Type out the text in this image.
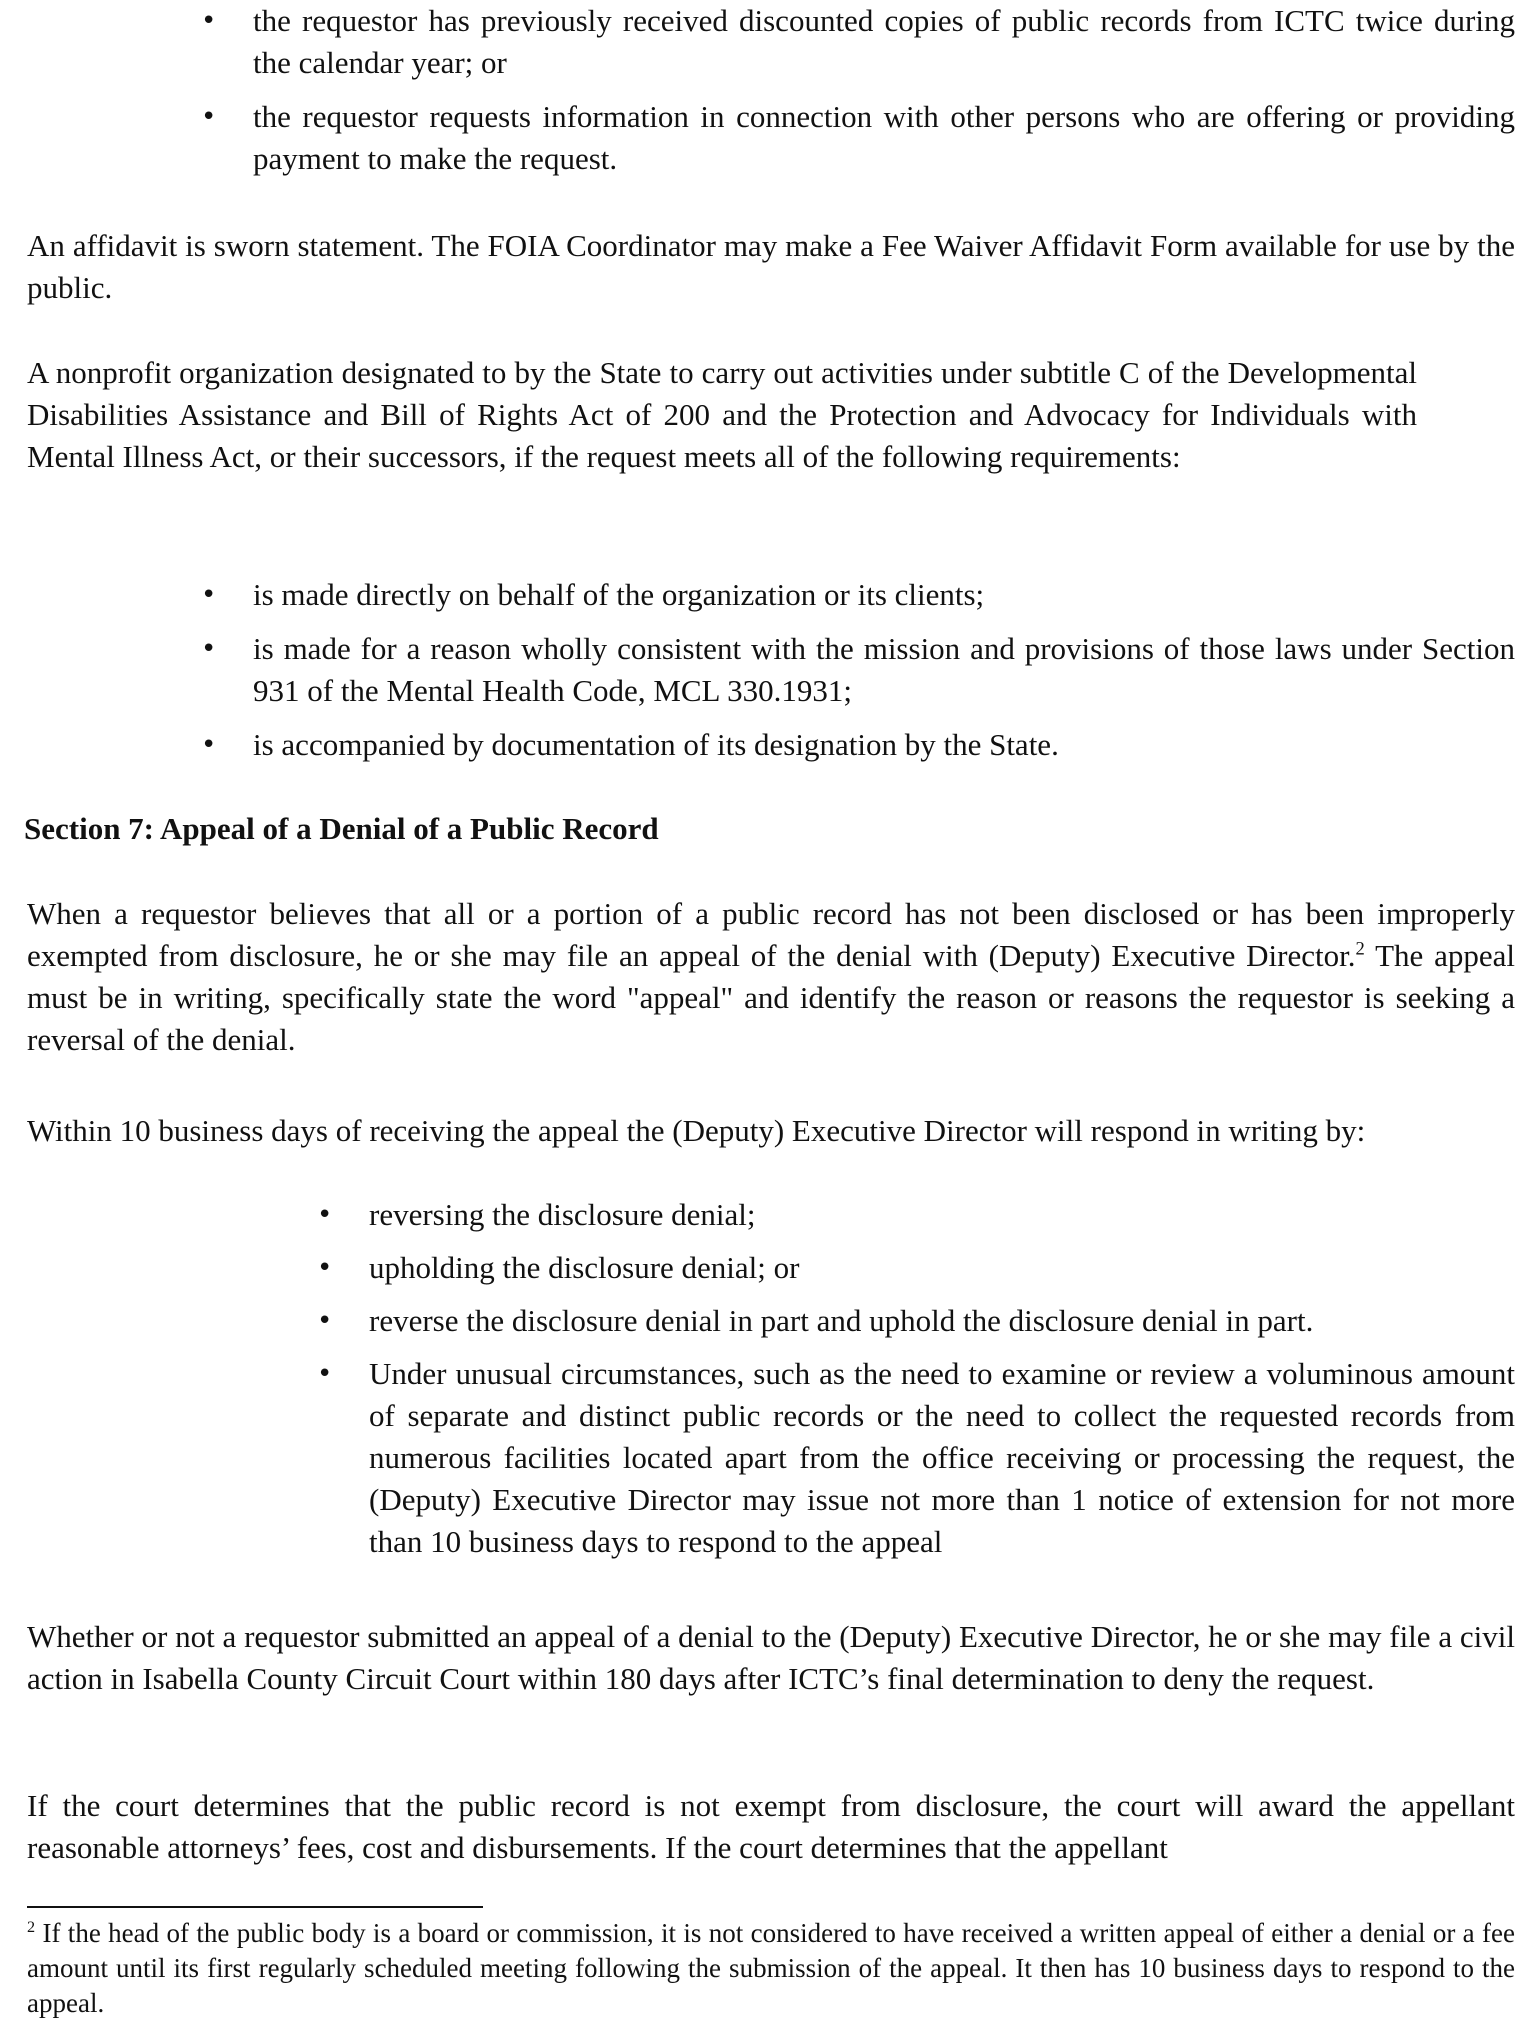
• the requestor has previously received discounted copies of public records from ICTC twice during the calendar year; or
• the requestor requests information in connection with other persons who are offering or providing payment to make the request.

An affidavit is sworn statement. The FOIA Coordinator may make a Fee Waiver Affidavit Form available for use by the public.

A nonprofit organization designated to by the State to carry out activities under subtitle C of the Developmental Disabilities Assistance and Bill of Rights Act of 200 and the Protection and Advocacy for Individuals with Mental Illness Act, or their successors, if the request meets all of the following requirements:

• is made directly on behalf of the organization or its clients;
• is made for a reason wholly consistent with the mission and provisions of those laws under Section 931 of the Mental Health Code, MCL 330.1931;
• is accompanied by documentation of its designation by the State.
Section 7: Appeal of a Denial of a Public Record

When a requestor believes that all or a portion of a public record has not been disclosed or has been improperly exempted from disclosure, he or she may file an appeal of the denial with (Deputy) Executive Director.$^2$ The appeal must be in writing, specifically state the word "appeal" and identify the reason or reasons the requestor is seeking a reversal of the denial.

Within 10 business days of receiving the appeal the (Deputy) Executive Director will respond in writing by:

• reversing the disclosure denial;
• upholding the disclosure denial; or
• reverse the disclosure denial in part and uphold the disclosure denial in part.
• Under unusual circumstances, such as the need to examine or review a voluminous amount of separate and distinct public records or the need to collect the requested records from numerous facilities located apart from the office receiving or processing the request, the (Deputy) Executive Director may issue not more than 1 notice of extension for not more than 10 business days to respond to the appeal

Whether or not a requestor submitted an appeal of a denial to the (Deputy) Executive Director, he or she may file a civil action in Isabella County Circuit Court within 180 days after ICTC’s final determination to deny the request.

If the court determines that the public record is not exempt from disclosure, the court will award the appellant reasonable attorneys’ fees, cost and disbursements. If the court determines that the appellant

$^2$ If the head of the public body is a board or commission, it is not considered to have received a written appeal of either a denial or a fee amount until its first regularly scheduled meeting following the submission of the appeal. It then has 10 business days to respond to the appeal.
